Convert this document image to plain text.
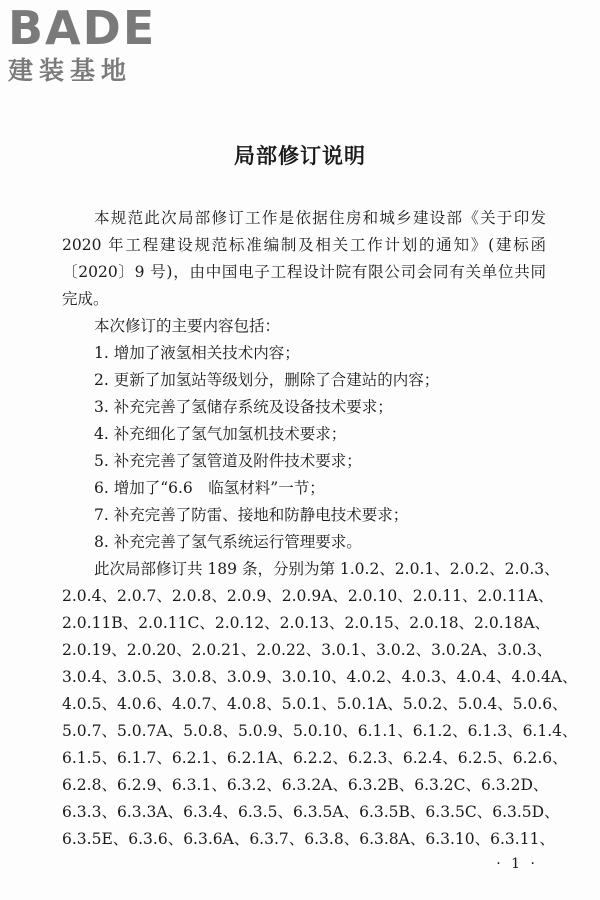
BADE
建装基地
局部修订说明
本规范此次局部修订工作是依据住房和城乡建设部《关于印发
2020 年工程建设规范标准编制及相关工作计划的通知》(建标函
〔2020〕9 号)，由中国电子工程设计院有限公司会同有关单位共同
完成。
本次修订的主要内容包括：
1. 增加了液氢相关技术内容；
2. 更新了加氢站等级划分，删除了合建站的内容；
3. 补充完善了氢储存系统及设备技术要求；
4. 补充细化了氢气加氢机技术要求；
5. 补充完善了氢管道及附件技术要求；
6. 增加了“6.6　临氢材料”一节；
7. 补充完善了防雷、接地和防静电技术要求；
8. 补充完善了氢气系统运行管理要求。
此次局部修订共 189 条，分别为第 1.0.2、2.0.1、2.0.2、2.0.3、
2.0.4、2.0.7、2.0.8、2.0.9、2.0.9A、2.0.10、2.0.11、2.0.11A、
2.0.11B、2.0.11C、2.0.12、2.0.13、2.0.15、2.0.18、2.0.18A、
2.0.19、2.0.20、2.0.21、2.0.22、3.0.1、3.0.2、3.0.2A、3.0.3、
3.0.4、3.0.5、3.0.8、3.0.9、3.0.10、4.0.2、4.0.3、4.0.4、4.0.4A、
4.0.5、4.0.6、4.0.7、4.0.8、5.0.1、5.0.1A、5.0.2、5.0.4、5.0.6、
5.0.7、5.0.7A、5.0.8、5.0.9、5.0.10、6.1.1、6.1.2、6.1.3、6.1.4、
6.1.5、6.1.7、6.2.1、6.2.1A、6.2.2、6.2.3、6.2.4、6.2.5、6.2.6、
6.2.8、6.2.9、6.3.1、6.3.2、6.3.2A、6.3.2B、6.3.2C、6.3.2D、
6.3.3、6.3.3A、6.3.4、6.3.5、6.3.5A、6.3.5B、6.3.5C、6.3.5D、
6.3.5E、6.3.6、6.3.6A、6.3.7、6.3.8、6.3.8A、6.3.10、6.3.11、
· 1 ·
